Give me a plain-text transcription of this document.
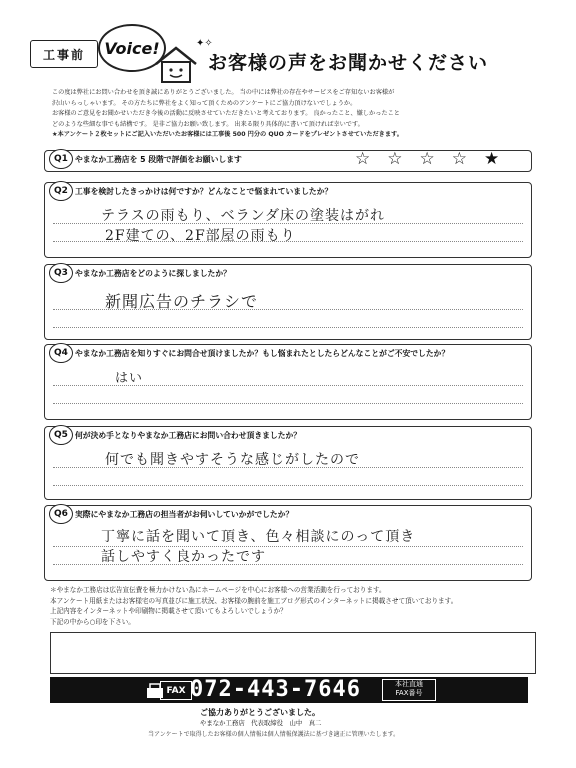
工事前	Voice!	✦✧
お客様の声をお聞かせください

この度は弊社にお問い合わせを頂き誠にありがとうございました。 当の中には弊社の存在やサービスをご存知ないお客様が

沢山いらっしゃいます。 その方たちに弊社をよく知って頂くためのアンケートにご協力頂けないでしょうか。

お客様のご意見をお聞かせいただき今後の活動に反映させていただきたいと考えております。 良かったこと、嫌しかったこと

どのような些細な事でも結構です。 是非ご協力お願い致します。 出来る限り具体的に書いて頂ければ幸いです。

★本アンケート２枚セットにご記入いただいたお客様には工事後 500 円分の QUO カードをプレゼントさせていただきます。

Q1 やまなか工務店を 5 段階で評価をお願いします	☆ ☆ ☆ ☆ ★
Q2 工事を検討したきっかけは何ですか？どんなことで悩まれていましたか？
テラスの雨もり、ベランダ床の塗装はがれ
2F建ての、2F部屋の雨もり
Q3 やまなか工務店をどのように探しましたか？
新聞広告のチラシで
Q4 やまなか工務店を知りすぐにお問合せ頂けましたか？もし悩まれたとしたらどんなことがご不安でしたか？
はい
Q5 何が決め手となりやまなか工務店にお問い合わせ頂きましたか？
何でも聞きやすそうな感じがしたので
Q6 実際にやまなか工務店の担当者がお伺いしていかがでしたか？
丁寧に話を聞いて頂き、色々相談にのって頂き
話しやすく良かったです

＊やまなか工務店は広告宣伝費を極力かけない為にホームページを中心にお客様への営業活動を行っております。

本アンケート用紙またはお客様宅の写真並びに施工状況、お客様の腕前を施工ブログ形式のインターネットに掲載させて頂いております。

上記内容をインターネットや印刷物に掲載させて頂いてもよろしいでしょうか？

下記の中から○印を下さい。

FAX 072-443-7646	本社直通
FAX番号
ご協力ありがとうございました。
やまなか工務店　代表取締役　山中　真二
当アンケートで取得したお客様の個人情報は個人情報保護法に基づき適正に管理いたします。
